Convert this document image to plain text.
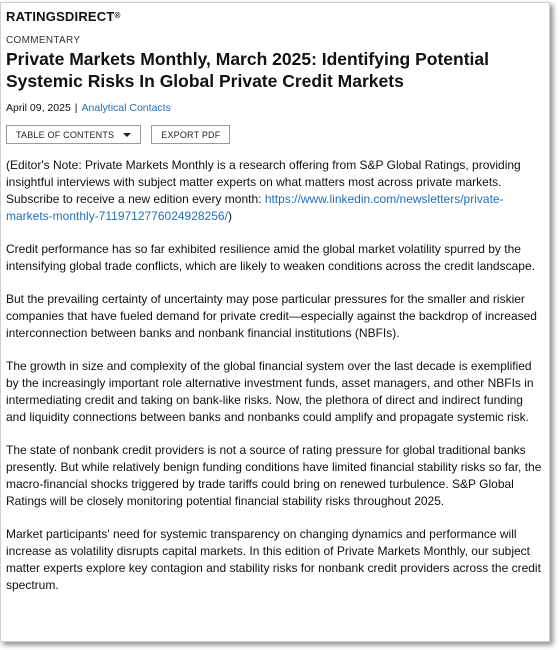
RATINGSDIRECT®
COMMENTARY
Private Markets Monthly, March 2025: Identifying Potential Systemic Risks In Global Private Credit Markets
April 09, 2025 | Analytical Contacts
TABLE OF CONTENTS	EXPORT PDF

(Editor's Note: Private Markets Monthly is a research offering from S&P Global Ratings, providing insightful interviews with subject matter experts on what matters most across private markets. Subscribe to receive a new edition every month: https://www.linkedin.com/newsletters/private-markets-monthly-7119712776024928256/)

Credit performance has so far exhibited resilience amid the global market volatility spurred by the intensifying global trade conflicts, which are likely to weaken conditions across the credit landscape.

But the prevailing certainty of uncertainty may pose particular pressures for the smaller and riskier companies that have fueled demand for private credit—especially against the backdrop of increased interconnection between banks and nonbank financial institutions (NBFIs).

The growth in size and complexity of the global financial system over the last decade is exemplified by the increasingly important role alternative investment funds, asset managers, and other NBFIs in intermediating credit and taking on bank-like risks. Now, the plethora of direct and indirect funding and liquidity connections between banks and nonbanks could amplify and propagate systemic risk.

The state of nonbank credit providers is not a source of rating pressure for global traditional banks presently. But while relatively benign funding conditions have limited financial stability risks so far, the macro-financial shocks triggered by trade tariffs could bring on renewed turbulence. S&P Global Ratings will be closely monitoring potential financial stability risks throughout 2025.

Market participants' need for systemic transparency on changing dynamics and performance will increase as volatility disrupts capital markets. In this edition of Private Markets Monthly, our subject matter experts explore key contagion and stability risks for nonbank credit providers across the credit spectrum.
